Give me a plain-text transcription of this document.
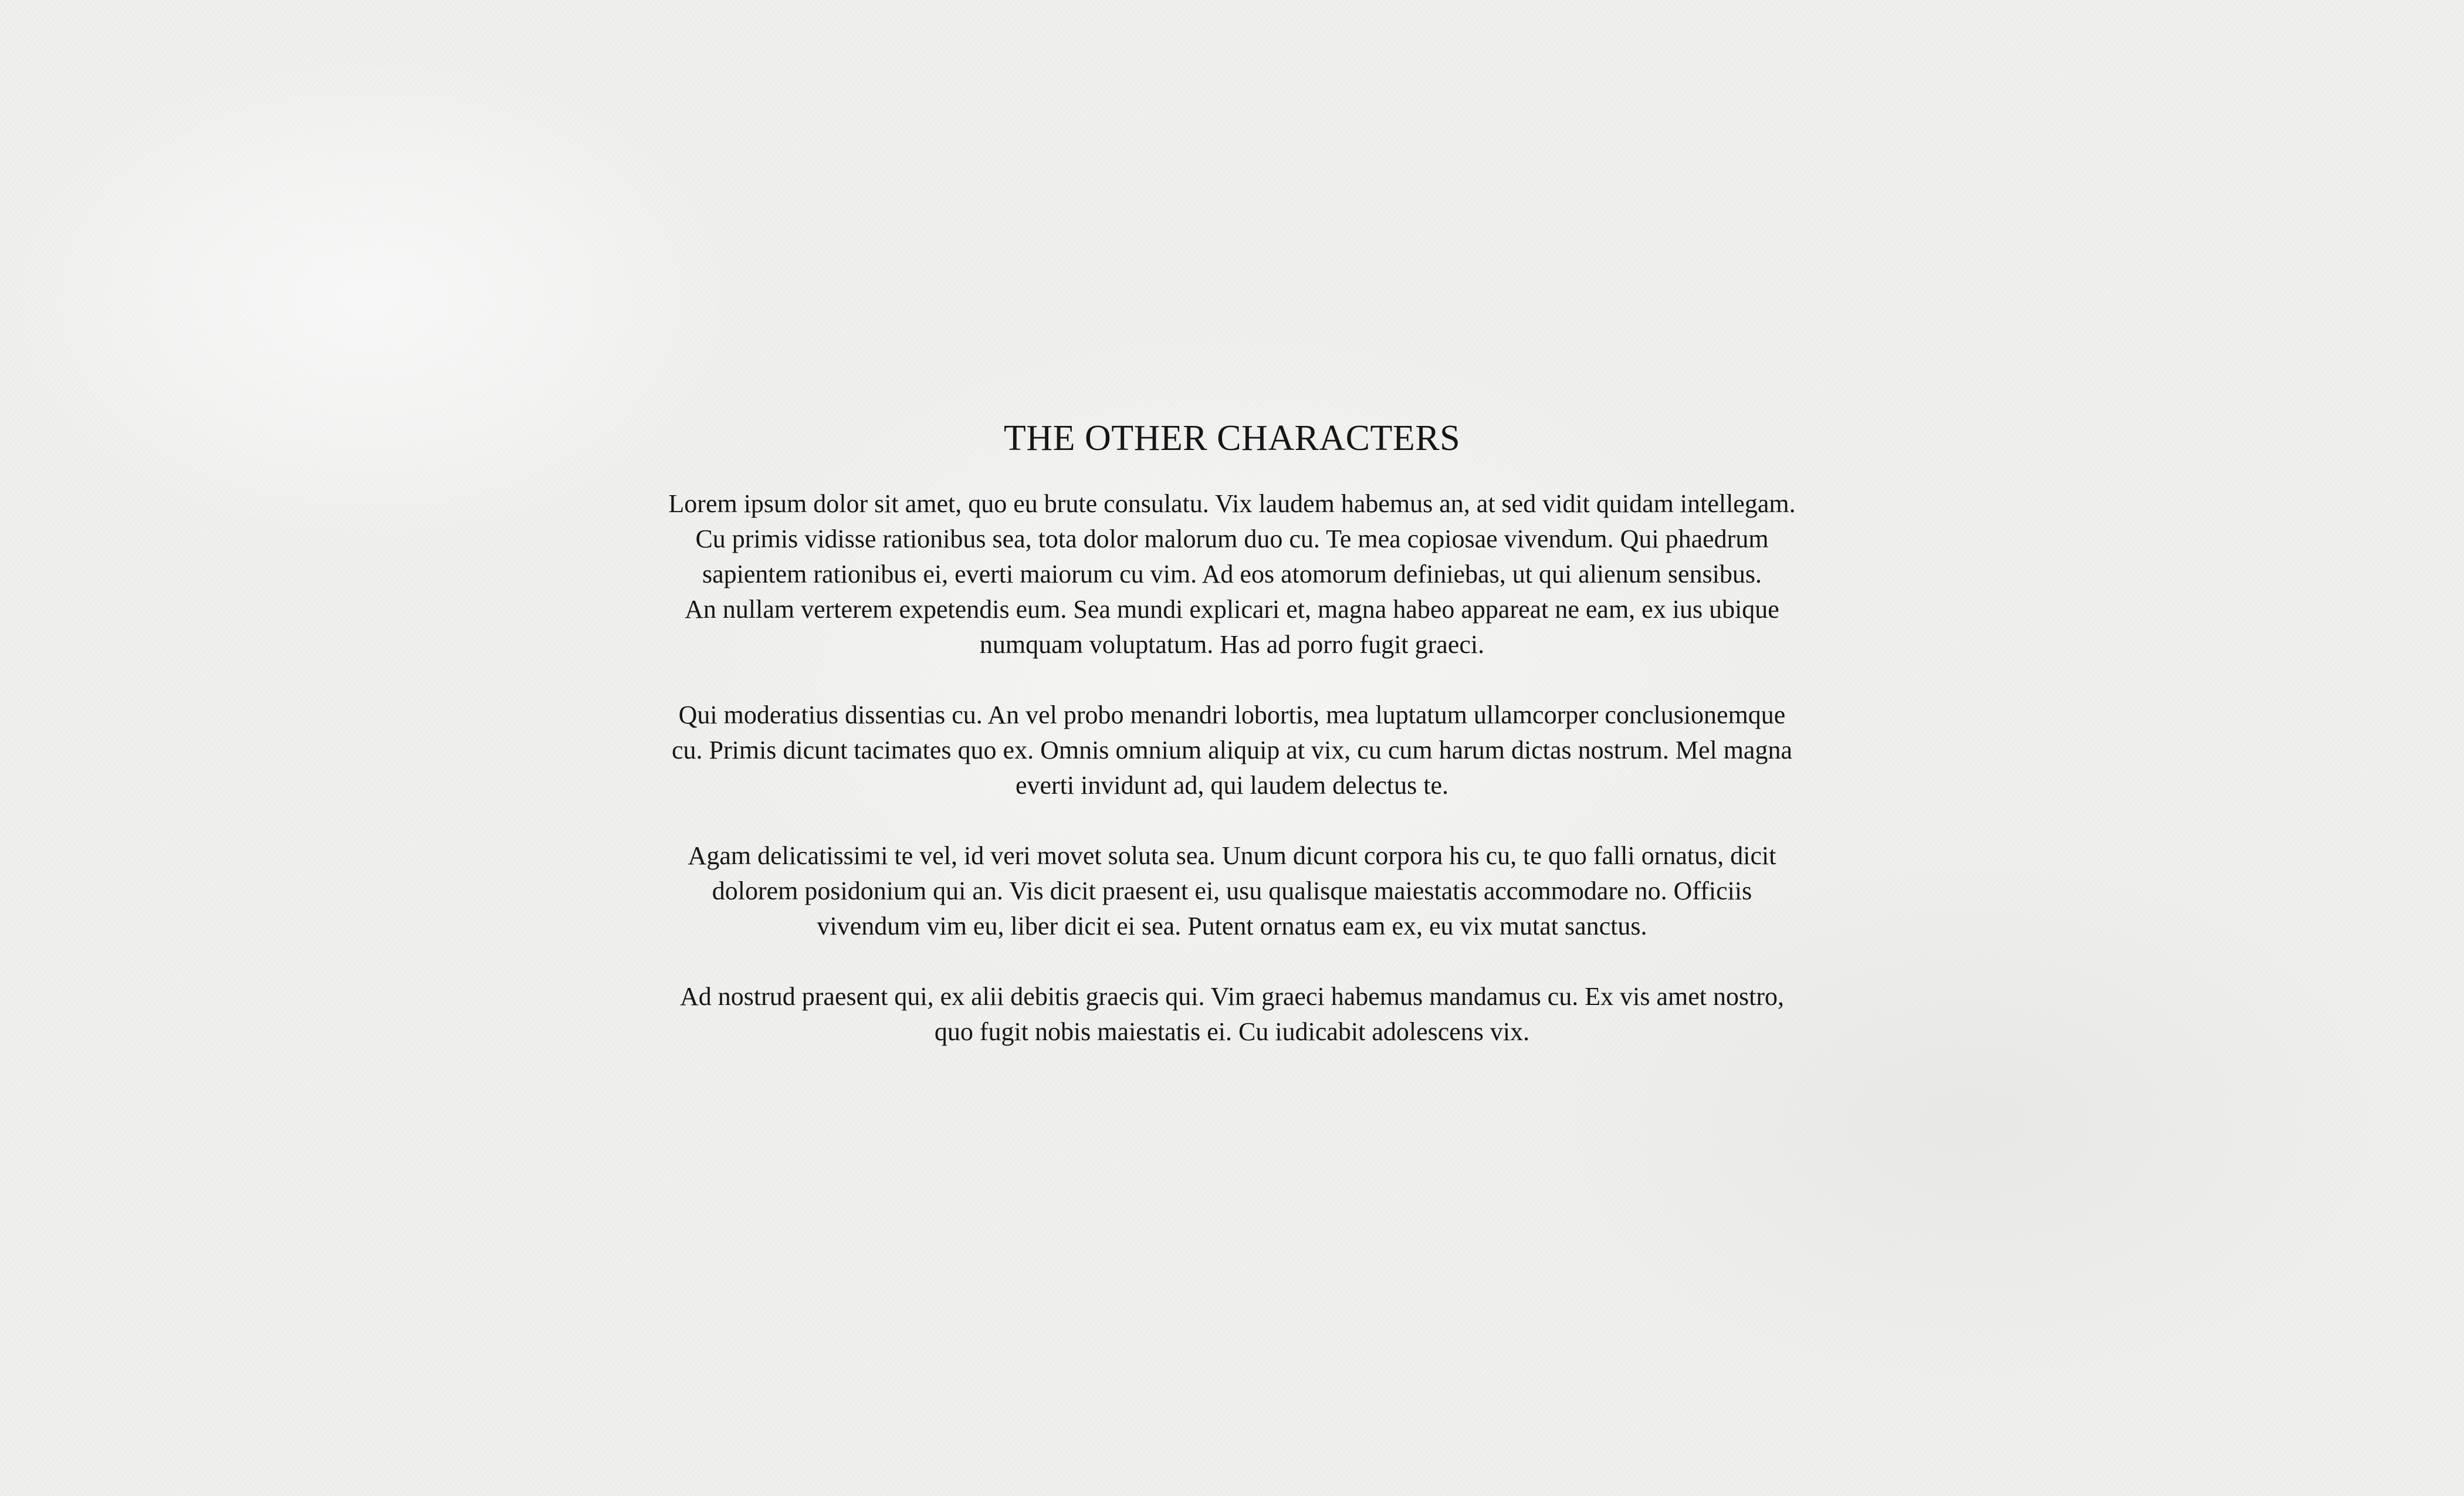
THE OTHER CHARACTERS
Lorem ipsum dolor sit amet, quo eu brute consulatu. Vix laudem habemus an, at sed vidit quidam intellegam.
Cu primis vidisse rationibus sea, tota dolor malorum duo cu. Te mea copiosae vivendum. Qui phaedrum
sapientem rationibus ei, everti maiorum cu vim. Ad eos atomorum definiebas, ut qui alienum sensibus.
An nullam verterem expetendis eum. Sea mundi explicari et, magna habeo appareat ne eam, ex ius ubique
numquam voluptatum. Has ad porro fugit graeci.
Qui moderatius dissentias cu. An vel probo menandri lobortis, mea luptatum ullamcorper conclusionemque
cu. Primis dicunt tacimates quo ex. Omnis omnium aliquip at vix, cu cum harum dictas nostrum. Mel magna
everti invidunt ad, qui laudem delectus te.
Agam delicatissimi te vel, id veri movet soluta sea. Unum dicunt corpora his cu, te quo falli ornatus, dicit
dolorem posidonium qui an. Vis dicit praesent ei, usu qualisque maiestatis accommodare no. Officiis
vivendum vim eu, liber dicit ei sea. Putent ornatus eam ex, eu vix mutat sanctus.
Ad nostrud praesent qui, ex alii debitis graecis qui. Vim graeci habemus mandamus cu. Ex vis amet nostro,
quo fugit nobis maiestatis ei. Cu iudicabit adolescens vix.
